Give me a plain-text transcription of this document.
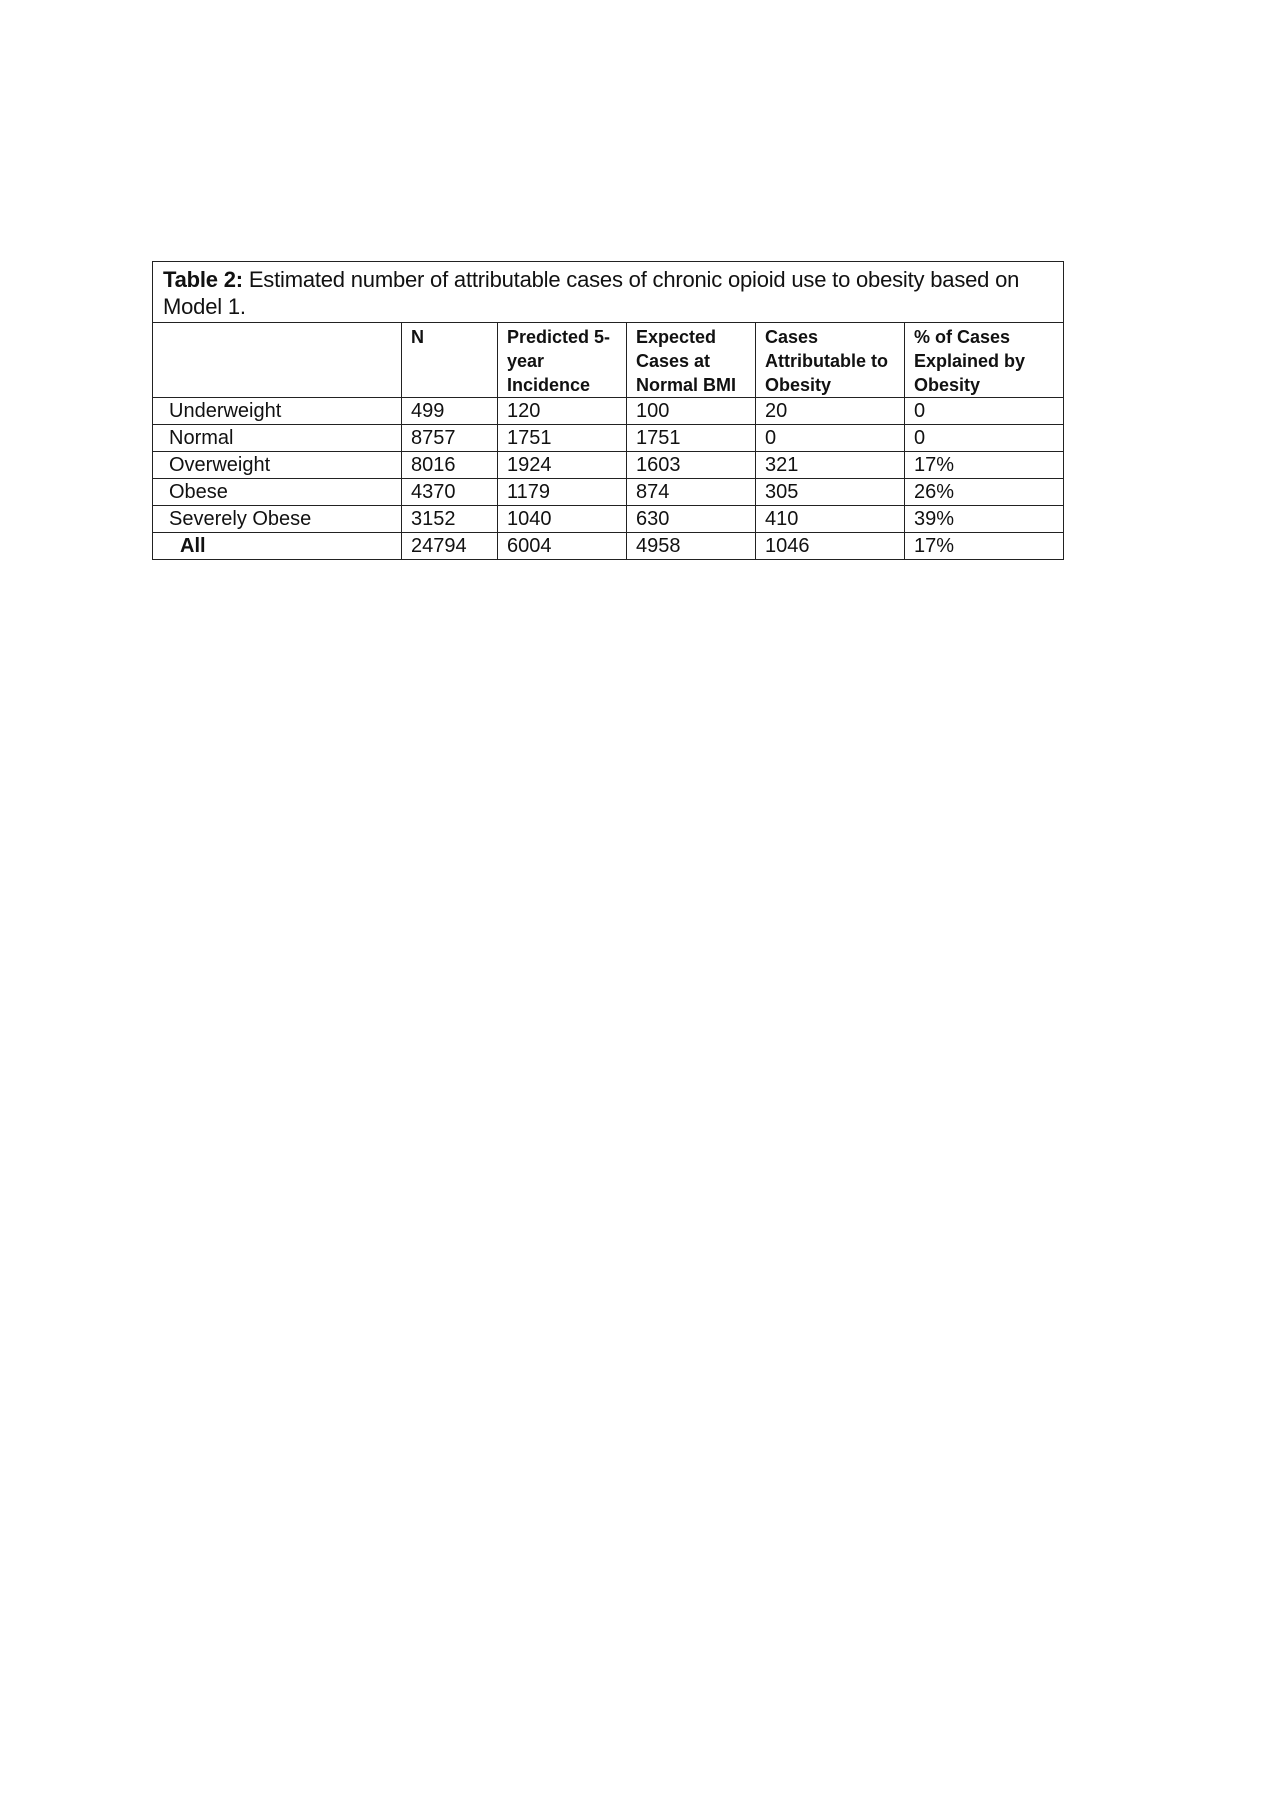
Table 2: Estimated number of attributable cases of chronic opioid use to obesity based on Model 1.					
	N	Predicted 5-year Incidence	Expected Cases at Normal BMI	Cases Attributable to Obesity	% of Cases Explained by Obesity
Underweight	499	120	100	20	0
Normal	8757	1751	1751	0	0
Overweight	8016	1924	1603	321	17%
Obese	4370	1179	874	305	26%
Severely Obese	3152	1040	630	410	39%
All	24794	6004	4958	1046	17%
